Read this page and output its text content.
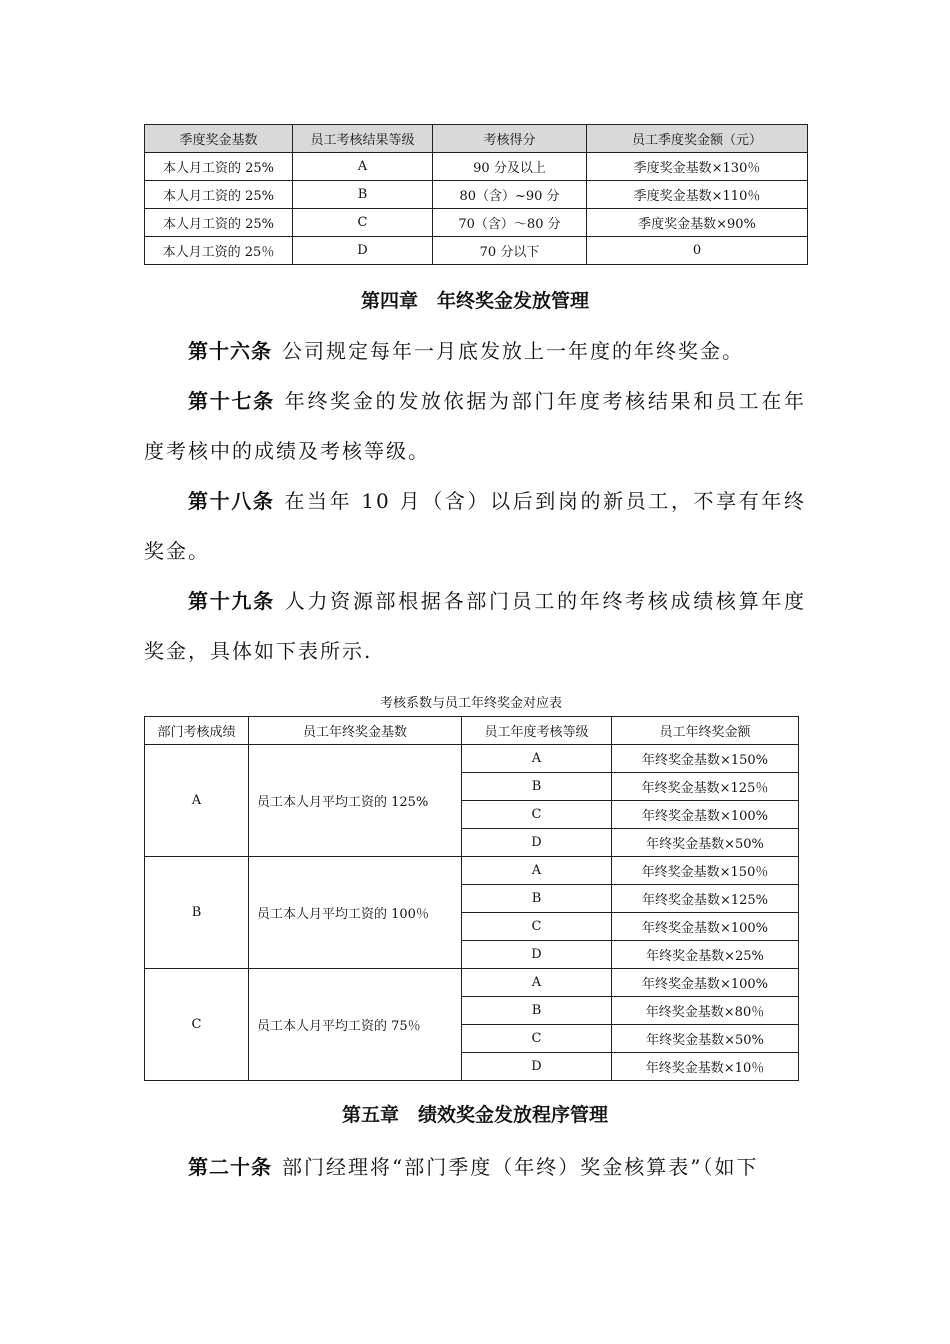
季度奖金基数	员工考核结果等级	考核得分	员工季度奖金额（元）
本人月工资的 25%	A	90 分及以上	季度奖金基数×130％
本人月工资的 25%	B	80（含）~90 分	季度奖金基数×110％
本人月工资的 25%	C	70（含）～80 分	季度奖金基数×90%
本人月工资的 25％	D	70 分以下	0
第四章　年终奖金发放管理
第十六条 公司规定每年一月底发放上一年度的年终奖金。
第十七条 年终奖金的发放依据为部门年度考核结果和员工在年度考核中的成绩及考核等级。
第十八条 在当年 10 月（含）以后到岗的新员工，不享有年终奖金。
第十九条 人力资源部根据各部门员工的年终考核成绩核算年度奖金，具体如下表所示.
考核系数与员工年终奖金对应表
部门考核成绩	员工年终奖金基数	员工年度考核等级	员工年终奖金额
A	员工本人月平均工资的 125%	A	年终奖金基数×150%
		B	年终奖金基数×125％
		C	年终奖金基数×100%
		D	年终奖金基数×50%
B	员工本人月平均工资的 100％	A	年终奖金基数×150％
		B	年终奖金基数×125%
		C	年终奖金基数×100%
		D	年终奖金基数×25%
C	员工本人月平均工资的 75％	A	年终奖金基数×100%
		B	年终奖金基数×80％
		C	年终奖金基数×50%
		D	年终奖金基数×10％
第五章　绩效奖金发放程序管理
第二十条 部门经理将“部门季度（年终）奖金核算表”（如下
